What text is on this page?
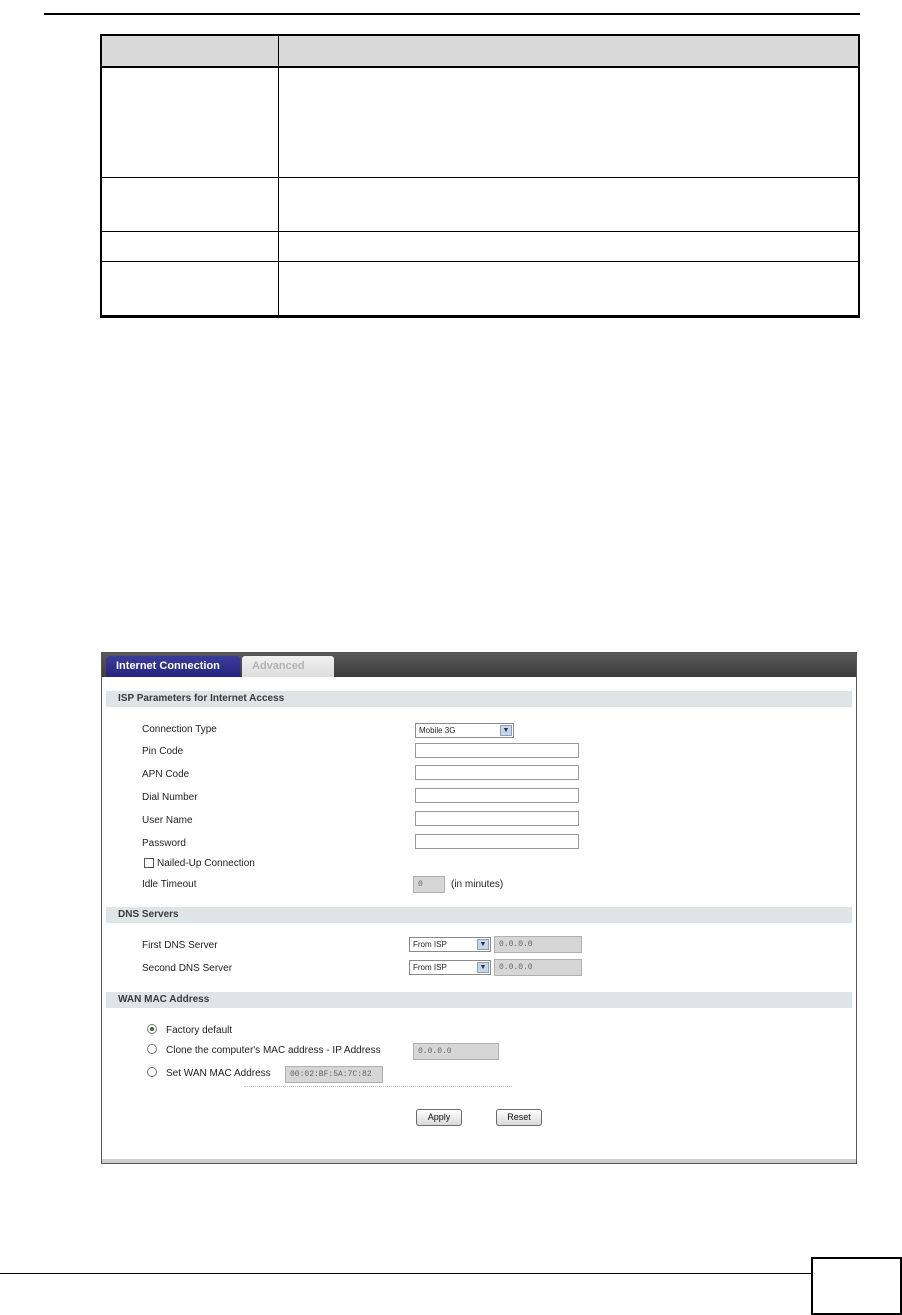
Internet Connection	Advanced
ISP Parameters for Internet Access
Connection Type	Mobile 3G	▼
Pin Code
APN Code
Dial Number
User Name
Password
Nailed-Up Connection
Idle Timeout	0	(in minutes)
DNS Servers
First DNS Server	From ISP	▼	0.0.0.0
Second DNS Server	From ISP	▼	0.0.0.0
WAN MAC Address
Factory default
Clone the computer's MAC address - IP Address	0.0.0.0
Set WAN MAC Address	00:02:BF:5A:7C:82
Apply	Reset
